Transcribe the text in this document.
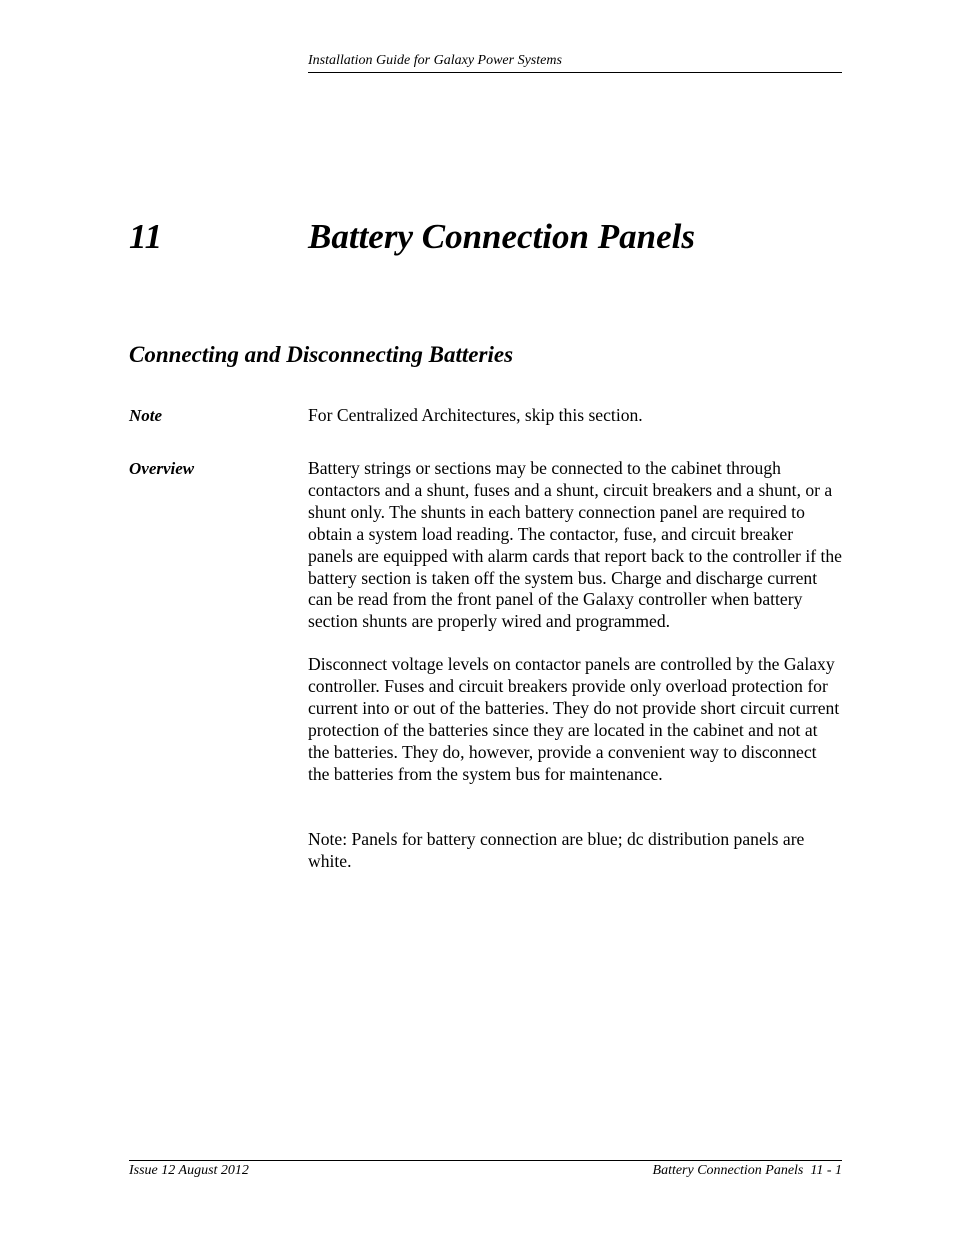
Installation Guide for Galaxy Power Systems
11	Battery Connection Panels
Connecting and Disconnecting Batteries
Note	For Centralized Architectures, skip this section.

Overview	Battery strings or sections may be connected to the cabinet through contactors and a shunt, fuses and a shunt, circuit breakers and a shunt, or a shunt only. The shunts in each battery connection panel are required to obtain a system load reading. The contactor, fuse, and circuit breaker panels are equipped with alarm cards that report back to the controller if the battery section is taken off the system bus. Charge and discharge current can be read from the front panel of the Galaxy controller when battery section shunts are properly wired and programmed.

Disconnect voltage levels on contactor panels are controlled by the Galaxy controller. Fuses and circuit breakers provide only overload protection for current into or out of the batteries. They do not provide short circuit current protection of the batteries since they are located in the cabinet and not at the batteries. They do, however, provide a convenient way to disconnect the batteries from the system bus for maintenance.

Note: Panels for battery connection are blue; dc distribution panels are white.

Issue 12 August 2012	Battery Connection Panels  11 - 1
